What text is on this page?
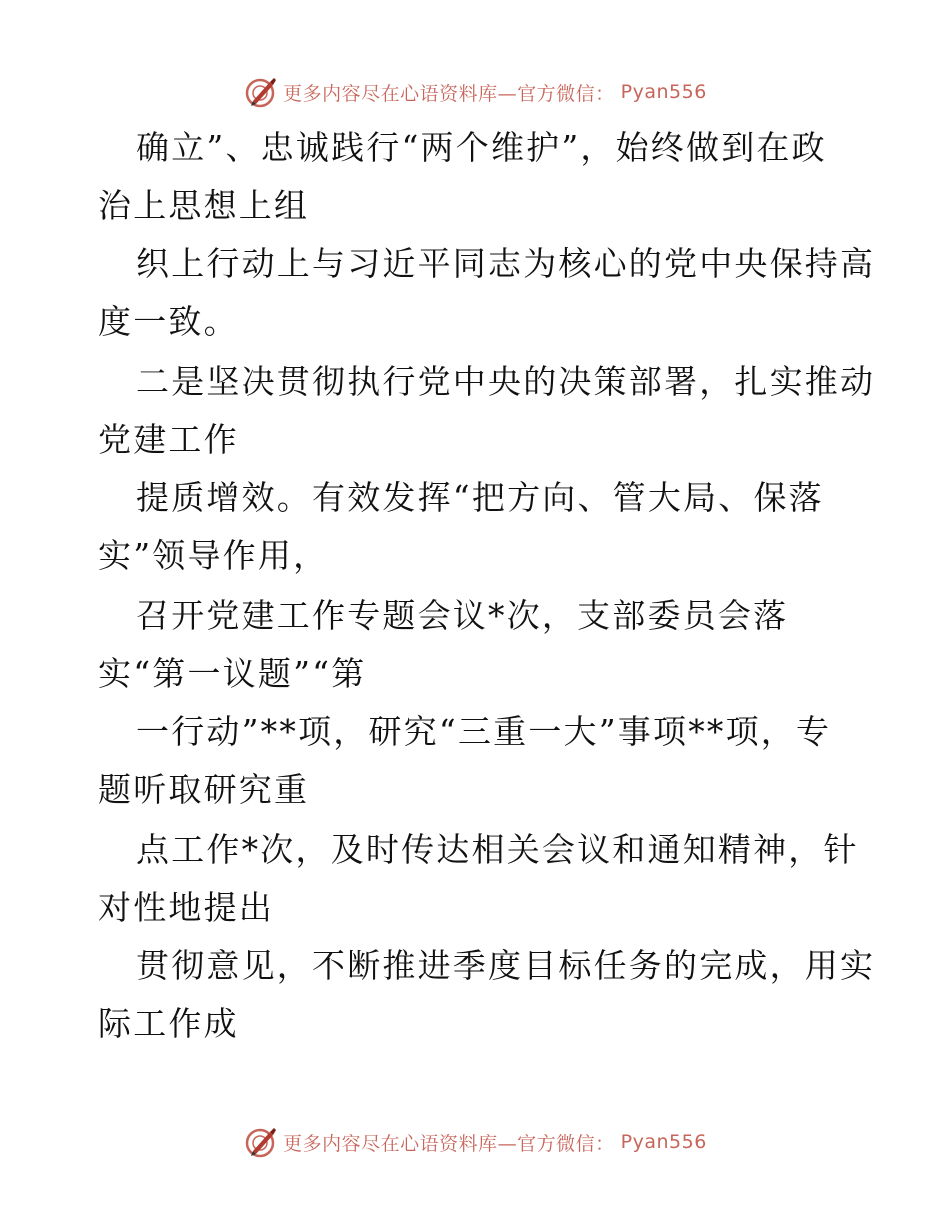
更多内容尽在心语资料库—官方微信： Pyan556
确立”、忠诚践行“两个维护”，始终做到在政
治上思想上组
织上行动上与习近平同志为核心的党中央保持高
度一致。
二是坚决贯彻执行党中央的决策部署，扎实推动
党建工作
提质增效。有效发挥“把方向、管大局、保落
实”领导作用，
召开党建工作专题会议*次，支部委员会落
实“第一议题”“第
一行动”**项，研究“三重一大”事项**项，专
题听取研究重
点工作*次，及时传达相关会议和通知精神，针
对性地提出
贯彻意见，不断推进季度目标任务的完成，用实
际工作成
更多内容尽在心语资料库—官方微信： Pyan556
